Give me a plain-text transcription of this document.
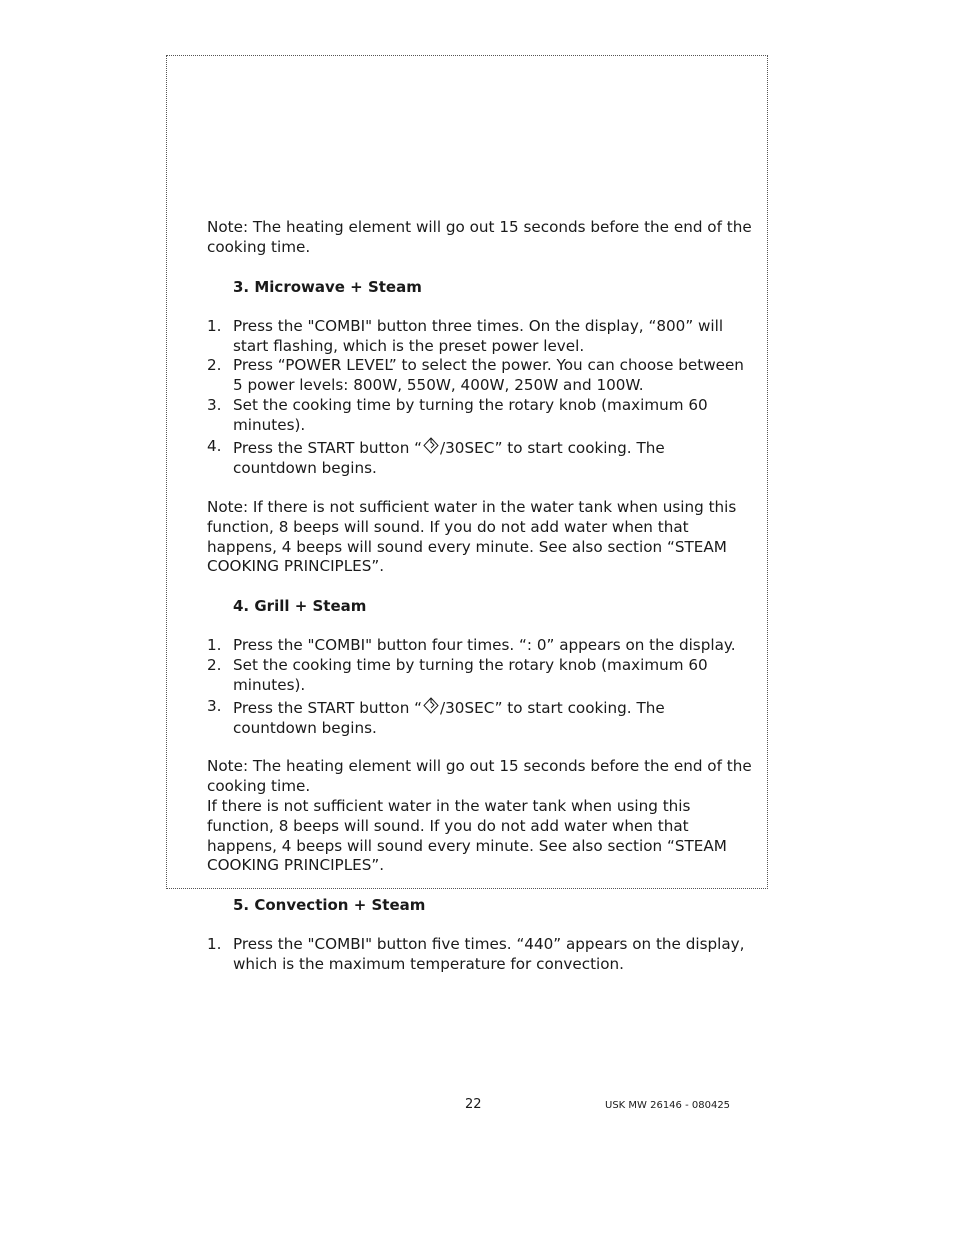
Note: The heating element will go out 15 seconds before the end of the cooking time.

3. Microwave + Steam

1. Press the "COMBI" button three times. On the display, “800” will start flashing, which is the preset power level.
2. Press “POWER LEVEL” to select the power. You can choose between 5 power levels: 800W, 550W, 400W, 250W and 100W.
3. Set the cooking time by turning the rotary knob (maximum 60 minutes).
4. Press the START button “ /30SEC” to start cooking. The countdown begins.

Note: If there is not sufficient water in the water tank when using this function, 8 beeps will sound. If you do not add water when that happens, 4 beeps will sound every minute. See also section “STEAM COOKING PRINCIPLES”.

4. Grill + Steam

1. Press the "COMBI" button four times. “: 0” appears on the display.
2. Set the cooking time by turning the rotary knob (maximum 60 minutes).
3. Press the START button “ /30SEC” to start cooking. The countdown begins.

Note: The heating element will go out 15 seconds before the end of the cooking time.

If there is not sufficient water in the water tank when using this function, 8 beeps will sound. If you do not add water when that happens, 4 beeps will sound every minute. See also section “STEAM COOKING PRINCIPLES”.

5. Convection + Steam

1. Press the "COMBI" button five times. “440” appears on the display, which is the maximum temperature for convection.
22	USK MW 26146 - 080425
